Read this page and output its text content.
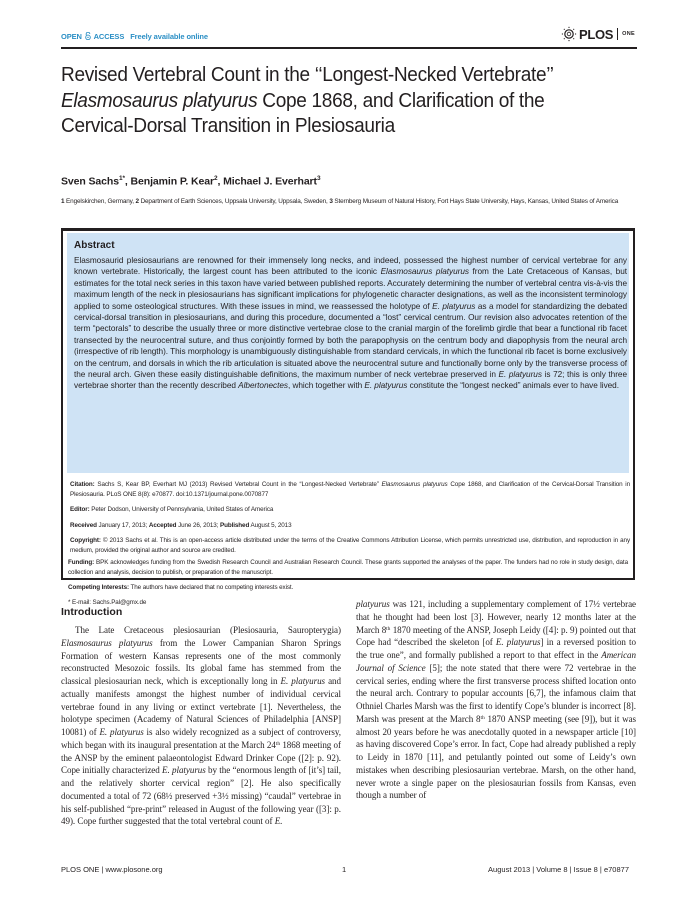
OPEN ACCESS Freely available online	PLOS ONE
Revised Vertebral Count in the ‘‘Longest-Necked Vertebrate’’ Elasmosaurus platyurus Cope 1868, and Clarification of the Cervical-Dorsal Transition in Plesiosauria
Sven Sachs$^{1*}$, Benjamin P. Kear$^2$, Michael J. Everhart$^3$
1 Engelskirchen, Germany, 2 Department of Earth Sciences, Uppsala University, Uppsala, Sweden, 3 Sternberg Museum of Natural History, Fort Hays State University, Hays, Kansas, United States of America
Abstract
Elasmosaurid plesiosaurians are renowned for their immensely long necks, and indeed, possessed the highest number of cervical vertebrae for any known vertebrate. Historically, the largest count has been attributed to the iconic Elasmosaurus platyurus from the Late Cretaceous of Kansas, but estimates for the total neck series in this taxon have varied between published reports. Accurately determining the number of vertebral centra vis-à-vis the maximum length of the neck in plesiosaurians has significant implications for phylogenetic character designations, as well as the inconsistent terminology applied to some osteological structures. With these issues in mind, we reassessed the holotype of E. platyurus as a model for standardizing the debated cervical-dorsal transition in plesiosaurians, and during this procedure, documented a “lost” cervical centrum. Our revision also advocates retention of the term “pectorals” to describe the usually three or more distinctive vertebrae close to the cranial margin of the forelimb girdle that bear a functional rib facet transected by the neurocentral suture, and thus conjointly formed by both the parapophysis on the centrum body and diapophysis from the neural arch (irrespective of rib length). This morphology is unambiguously distinguishable from standard cervicals, in which the functional rib facet is borne exclusively on the centrum, and dorsals in which the rib articulation is situated above the neurocentral suture and functionally borne only by the transverse process of the neural arch. Given these easily distinguishable definitions, the maximum number of neck vertebrae preserved in E. platyurus is 72; this is only three vertebrae shorter than the recently described Albertonectes, which together with E. platyurus constitute the “longest necked” animals ever to have lived.
Citation: Sachs S, Kear BP, Everhart MJ (2013) Revised Vertebral Count in the “Longest-Necked Vertebrate” Elasmosaurus platyurus Cope 1868, and Clarification of the Cervical-Dorsal Transition in Plesiosauria. PLoS ONE 8(8): e70877. doi:10.1371/journal.pone.0070877
Editor: Peter Dodson, University of Pennsylvania, United States of America
Received January 17, 2013; Accepted June 26, 2013; Published August 5, 2013
Copyright: © 2013 Sachs et al. This is an open-access article distributed under the terms of the Creative Commons Attribution License, which permits unrestricted use, distribution, and reproduction in any medium, provided the original author and source are credited.
Funding: BPK acknowledges funding from the Swedish Research Council and Australian Research Council. These grants supported the analyses of the paper. The funders had no role in study design, data collection and analysis, decision to publish, or preparation of the manuscript.
Competing Interests: The authors have declared that no competing interests exist.
* E-mail: Sachs.Pal@gmx.de
Introduction
The Late Cretaceous plesiosaurian (Plesiosauria, Sauropterygia) Elasmosaurus platyurus from the Lower Campanian Sharon Springs Formation of western Kansas represents one of the most commonly reconstructed Mesozoic fossils. Its global fame has stemmed from the classical plesiosaurian neck, which is exceptionally long in E. platyurus and actually manifests amongst the highest number of individual cervical vertebrae found in any living or extinct vertebrate [1]. Nevertheless, the holotype specimen (Academy of Natural Sciences of Philadelphia [ANSP] 10081) of E. platyurus is also widely recognized as a subject of controversy, which began with its inaugural presentation at the March 24th 1868 meeting of the ANSP by the eminent palaeontologist Edward Drinker Cope ([2]: p. 92). Cope initially characterized E. platyurus by the “enormous length of [it’s] tail, and the relatively shorter cervical region” [2]. He also specifically documented a total of 72 (68½ preserved +3½ missing) “caudal” vertebrae in his self-published “pre-print” released in August of the following year ([3]: p. 49). Cope further suggested that the total vertebral count of E.
platyurus was 121, including a supplementary complement of 17½ vertebrae that he thought had been lost [3]. However, nearly 12 months later at the March 8th 1870 meeting of the ANSP, Joseph Leidy ([4]: p. 9) pointed out that Cope had “described the skeleton [of E. platyurus] in a reversed position to the true one”, and formally published a report to that effect in the American Journal of Science [5]; the note stated that there were 72 vertebrae in the cervical series, ending where the first transverse process shifted location onto the neural arch. Contrary to popular accounts [6,7], the infamous claim that Othniel Charles Marsh was the first to identify Cope’s blunder is incorrect [8]. Marsh was present at the March 8th 1870 ANSP meeting (see [9]), but it was almost 20 years before he was anecdotally quoted in a newspaper article [10] as having discovered Cope’s error. In fact, Cope had already published a reply to Leidy in 1870 [11], and petulantly pointed out some of Leidy’s own mistakes when describing plesiosaurian vertebrae. Marsh, on the other hand, never wrote a single paper on the plesiosaurian fossils from Kansas, even though a number of
PLOS ONE | www.plosone.org	1	August 2013 | Volume 8 | Issue 8 | e70877
